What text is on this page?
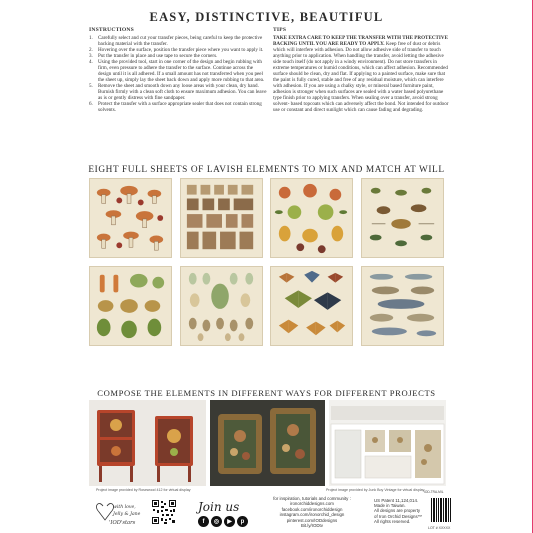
EASY, DISTINCTIVE, BEAUTIFUL
INSTRUCTIONS
1.	Carefully select and cut your transfer pieces, being careful to keep the protective backing material with the transfer.
2.	Hovering over the surface, position the transfer piece where you want to apply it.
3.	Put the transfer in place and use tape to secure the corners.
4.	Using the provided tool, start in one corner of the design and begin rubbing with firm, even pressure to adhere the transfer to the surface. Continue across the design until it is all adhered. If a small amount has not transferred when you peel the sheet up, simply lay the sheet back down and apply more rubbing to that area.
5.	Remove the sheet and smooth down any loose areas with your clean, dry hand. Burnish firmly with a clean soft cloth to ensure maximum adhesion. You can leave as is or gently distress with fine sandpaper.
6.	Protect the transfer with a surface appropriate sealer that does not contain strong solvents.
TIPS

TAKE EXTRA CARE TO KEEP THE TRANSFER WITH THE PROTECTIVE BACKING UNTIL YOU ARE READY TO APPLY. Keep free of dust or debris which will interfere with adhesion. Do not allow adhesive side of transfer to touch anything prior to application. When handling the transfer, avoid letting the adhesive side touch itself (do not apply in a windy environment). Do not store transfers in extreme temperatures or humid conditions, which can affect adhesion. Recommended surface should be clean, dry and flat. If applying to a painted surface, make sure that the paint is fully cured, stable and free of any residual moisture, which can interfere with adhesion. If you are using a chalky style, or mineral based furniture paint, adhesion is stronger when such surfaces are sealed with a water based polyurethane type finish prior to applying transfers. When sealing over a transfer, avoid strong solvent- based topcoats which can adversely affect the bond. Not intended for outdoor use or constant and direct sunlight which can cause fading and degrading.

EIGHT FULL SHEETS OF LAVISH ELEMENTS TO MIX AND MATCH AT WILL
COMPOSE THE ELEMENTS IN DIFFERENT WAYS FOR DIFFERENT PROJECTS
Project image provided by Rosewood 412 for virtual display	Project image provided by Junk Boy Vintage for virtual display
with love,
Jelly & Jane
'IOD'stars
Join us
f	◎	▶	p
for inspiration, tutorials and community :
ironorchiddesigns.com
facebook.com/ironorchiddesign
instagram.com/ironorchid_design
pinterest.com/IODdesigns
Bit.ly/IODtv
US Patent 11,124,014.
Made in Taiwan.
All designs are property
of Iron Orchid Designs™
All rights reserved.
IOD-TRA-MIL
LOT # XXXXX
